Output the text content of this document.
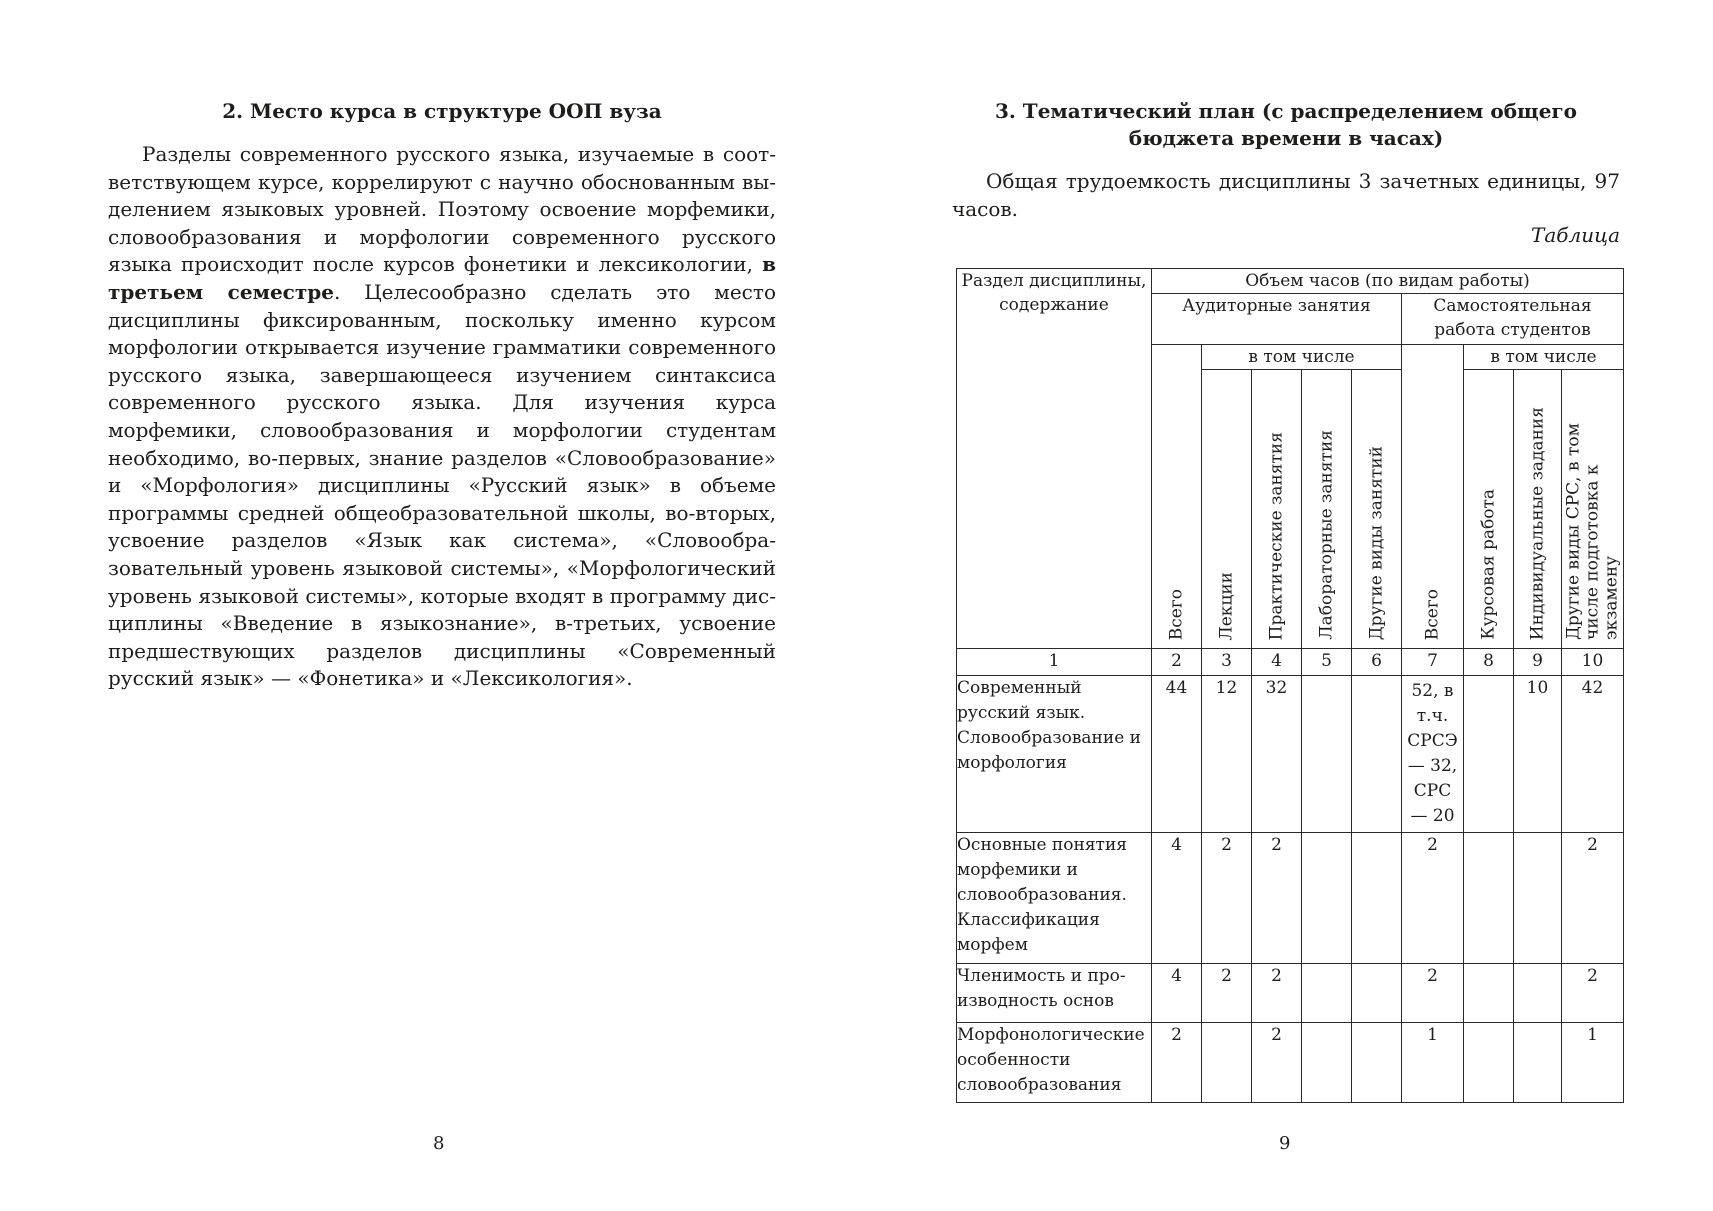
2. Место курса в структуре ООП вуза

Разделы современного русского языка, изучаемые в соответствующем курсе, коррелируют с научно обоснованным выделением языковых уровней. Поэтому освоение морфемики, словообразования и морфологии современного русского языка происходит после курсов фонетики и лексикологии, в третьем семестре. Целесообразно сделать это место дисциплины фиксированным, поскольку именно курсом морфологии открывается изучение грамматики современного русского языка, завершающееся изучением синтаксиса современного русского языка. Для изучения курса морфемики, словообразования и морфологии студентам необходимо, во-первых, знание разделов «Словообразование» и «Морфология» дисциплины «Русский язык» в объеме программы средней общеобразовательной школы, во-вторых, усвоение разделов «Язык как система», «Словообразовательный уровень языковой системы», «Морфологический уровень языковой системы», которые входят в программу дисциплины «Введение в языкознание», в-третьих, усвоение предшествующих разделов дисциплины «Современный русский язык» — «Фонетика» и «Лексикология».

8

3. Тематический план (с распределением общего бюджета времени в часах)

Общая трудоемкость дисциплины 3 зачетных единицы, 97 часов.

Таблица

Раздел дисциплины, содержание	Объем часов (по видам работы)								
	Аудиторные занятия					Самостоятельная работа студентов			

	Всего	в том числе				Всего	в том числе		

		Лекции	Практические занятия	Лабораторные занятия	Другие виды занятий		Курсовая работа	Индивидуальные задания	Другие виды СРС, в том числе подготовка к экзамену

1	2	3	4	5	6	7	8	9	10
Современный русский язык. Словообразование и морфология	44	12	32			52, в т.ч. СРСЭ — 32, СРС — 20		10	42
Основные понятия морфемики и словообразования. Классификация морфем	4	2	2			2			2
Членимость и производность основ	4	2	2			2			2
Морфонологические особенности словообразования	2		2			1			1

9
